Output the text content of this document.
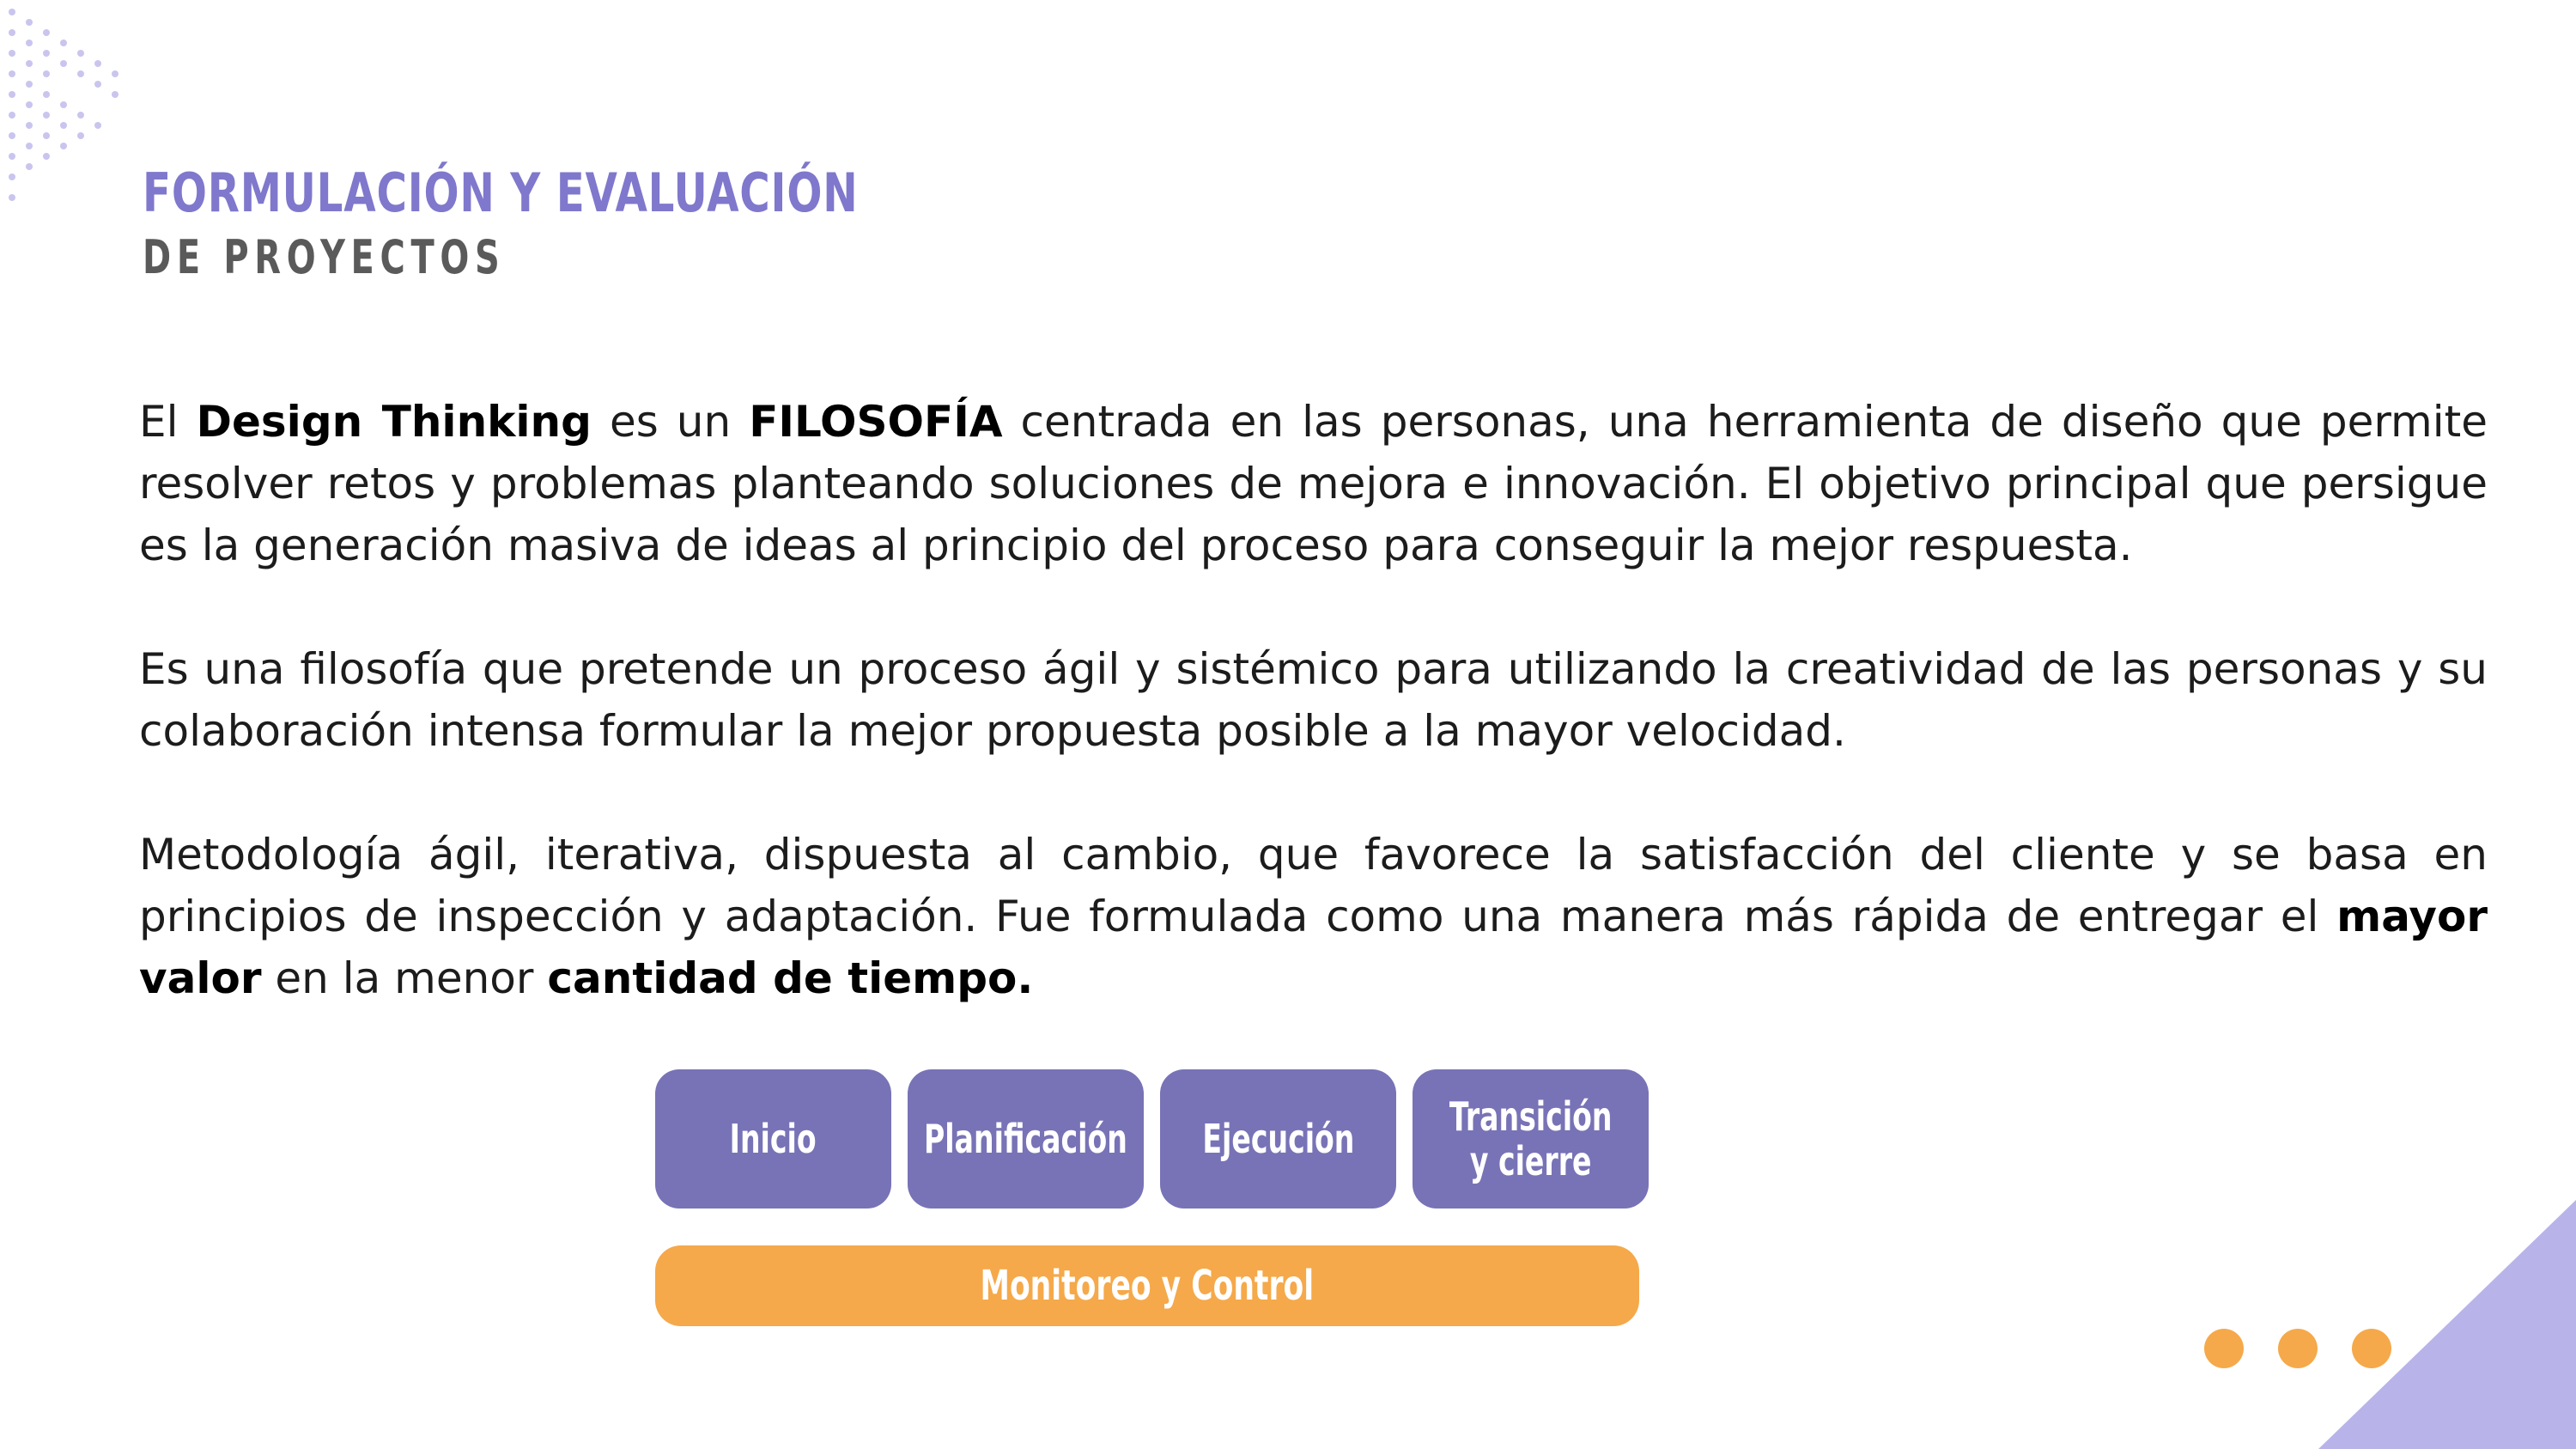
FORMULACIÓN Y EVALUACIÓN
DE PROYECTOS

El Design Thinking es un FILOSOFÍA centrada en las personas, una herramienta de diseño que permite resolver retos y problemas planteando soluciones de mejora e innovación. El objetivo principal que persigue es la generación masiva de ideas al principio del proceso para conseguir la mejor respuesta.

Es una filosofía que pretende un proceso ágil y sistémico para utilizando la creatividad de las personas y su colaboración intensa formular la mejor propuesta posible a la mayor velocidad.

Metodología ágil, iterativa, dispuesta al cambio, que favorece la satisfacción del cliente y se basa en principios de inspección y adaptación. Fue formulada como una manera más rápida de entregar el mayor valor en la menor cantidad de tiempo.

Inicio	Planificación Ejecución Transición
y cierre
Monitoreo y Control
